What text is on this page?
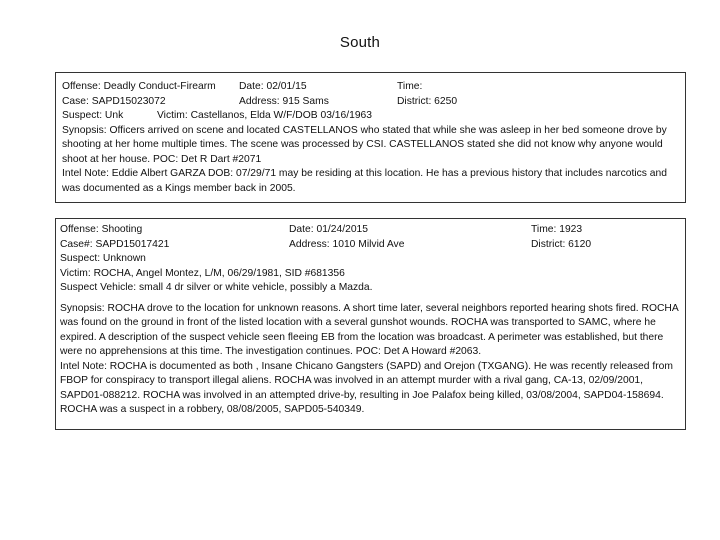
South
Offense: Deadly Conduct-Firearm Date: 02/01/15	Time:
Case: SAPD15023072	Address: 915 Sams	District: 6250
Suspect: Unk	Victim: Castellanos, Elda W/F/DOB 03/16/1963

Synopsis: Officers arrived on scene and located CASTELLANOS who stated that while she was asleep in her bed someone drove by shooting at her home multiple times. The scene was processed by CSI. CASTELLANOS stated she did not know why anyone would shoot at her house. POC: Det R Dart #2071

Intel Note: Eddie Albert GARZA DOB: 07/29/71 may be residing at this location. He has a previous history that includes narcotics and was documented as a Kings member back in 2005.

Offense: Shooting	Date: 01/24/2015	Time: 1923
Case#: SAPD15017421	Address: 1010 Milvid Ave	District: 6120
Suspect: Unknown
Victim: ROCHA, Angel Montez, L/M, 06/29/1981, SID #681356
Suspect Vehicle: small 4 dr silver or white vehicle, possibly a Mazda.

Synopsis: ROCHA drove to the location for unknown reasons. A short time later, several neighbors reported hearing shots fired. ROCHA was found on the ground in front of the listed location with a several gunshot wounds. ROCHA was transported to SAMC, where he expired. A description of the suspect vehicle seen fleeing EB from the location was broadcast. A perimeter was established, but there were no apprehensions at this time. The investigation continues. POC: Det A Howard #2063.

Intel Note: ROCHA is documented as both , Insane Chicano Gangsters (SAPD) and Orejon (TXGANG). He was recently released from FBOP for conspiracy to transport illegal aliens. ROCHA was involved in an attempt murder with a rival gang, CA-13, 02/09/2001, SAPD01-088212. ROCHA was involved in an attempted drive-by, resulting in Joe Palafox being killed, 03/08/2004, SAPD04-158694. ROCHA was a suspect in a robbery, 08/08/2005, SAPD05-540349.
